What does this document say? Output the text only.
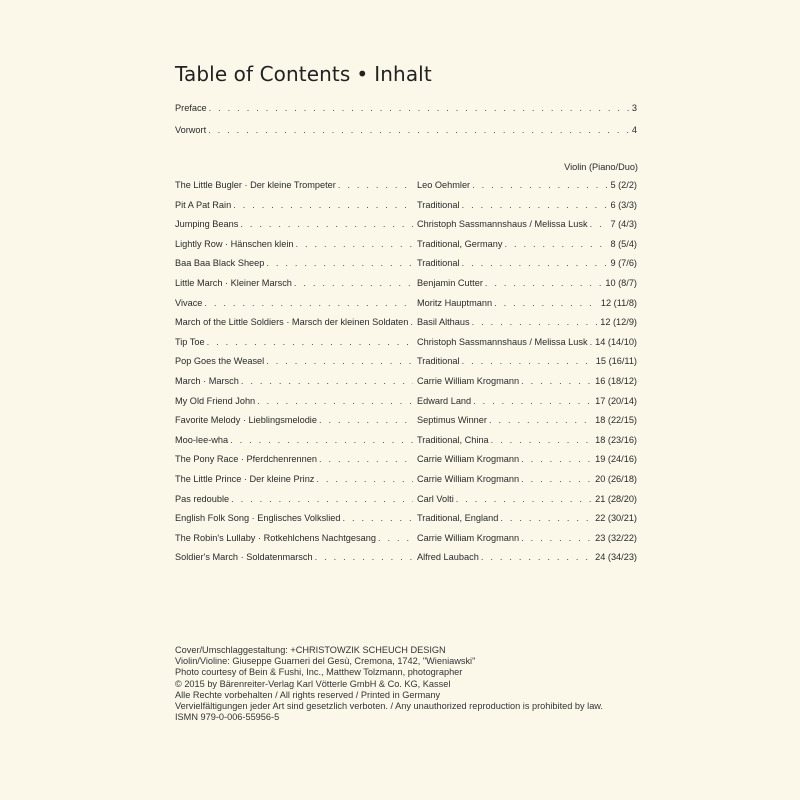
Table of Contents • Inhalt
Preface . . .	3
Vorwort . . .	4
Violin (Piano/Duo)
The Little Bugler · Der kleine Trompeter . . .	Leo Oehmler . . .	5 (2/2)
Pit A Pat Rain . . .	Traditional . . .	6 (3/3)
Jumping Beans . . .	Christoph Sassmannshaus / Melissa Lusk . . . 7 (4/3)
Lightly Row · Hänschen klein . . .	Traditional, Germany . . .	8 (5/4)
Baa Baa Black Sheep . . .	Traditional . . .	9 (7/6)
Little March · Kleiner Marsch . . .	Benjamin Cutter . . .	10 (8/7)
Vivace . . .	Moritz Hauptmann . . .	12 (11/8)
March of the Little Soldiers · Marsch der kleinen Soldaten . . . Basil Althaus . . .	12 (12/9)
Tip Toe . . .	Christoph Sassmannshaus / Melissa Lusk . . . 14 (14/10)
Pop Goes the Weasel . . .	Traditional . . .	15 (16/11)
March · Marsch . . .	Carrie William Krogmann . . .	16 (18/12)
My Old Friend John . . .	Edward Land . . .	17 (20/14)
Favorite Melody · Lieblingsmelodie . . .	Septimus Winner . . .	18 (22/15)
Moo-lee-wha . . .	Traditional, China . . .	18 (23/16)
The Pony Race · Pferdchenrennen . . .	Carrie William Krogmann . . .	19 (24/16)
The Little Prince · Der kleine Prinz . . .	Carrie William Krogmann . . .	20 (26/18)
Pas redouble . . .	Carl Volti . . .	21 (28/20)
English Folk Song · Englisches Volkslied . . .	Traditional, England . . .	22 (30/21)
The Robin's Lullaby · Rotkehlchens Nachtgesang . . .	Carrie William Krogmann . . .	23 (32/22)
Soldier's March · Soldatenmarsch . . .	Alfred Laubach . . .	24 (34/23)
Cover/Umschlaggestaltung: +CHRISTOWZIK SCHEUCH DESIGN
Violin/Violine: Giuseppe Guarneri del Gesù, Cremona, 1742, "Wieniawski"
Photo courtesy of Bein & Fushi, Inc., Matthew Tolzmann, photographer
© 2015 by Bärenreiter-Verlag Karl Vötterle GmbH & Co. KG, Kassel
Alle Rechte vorbehalten / All rights reserved / Printed in Germany
Vervielfältigungen jeder Art sind gesetzlich verboten. / Any unauthorized reproduction is prohibited by law.
ISMN 979-0-006-55956-5
